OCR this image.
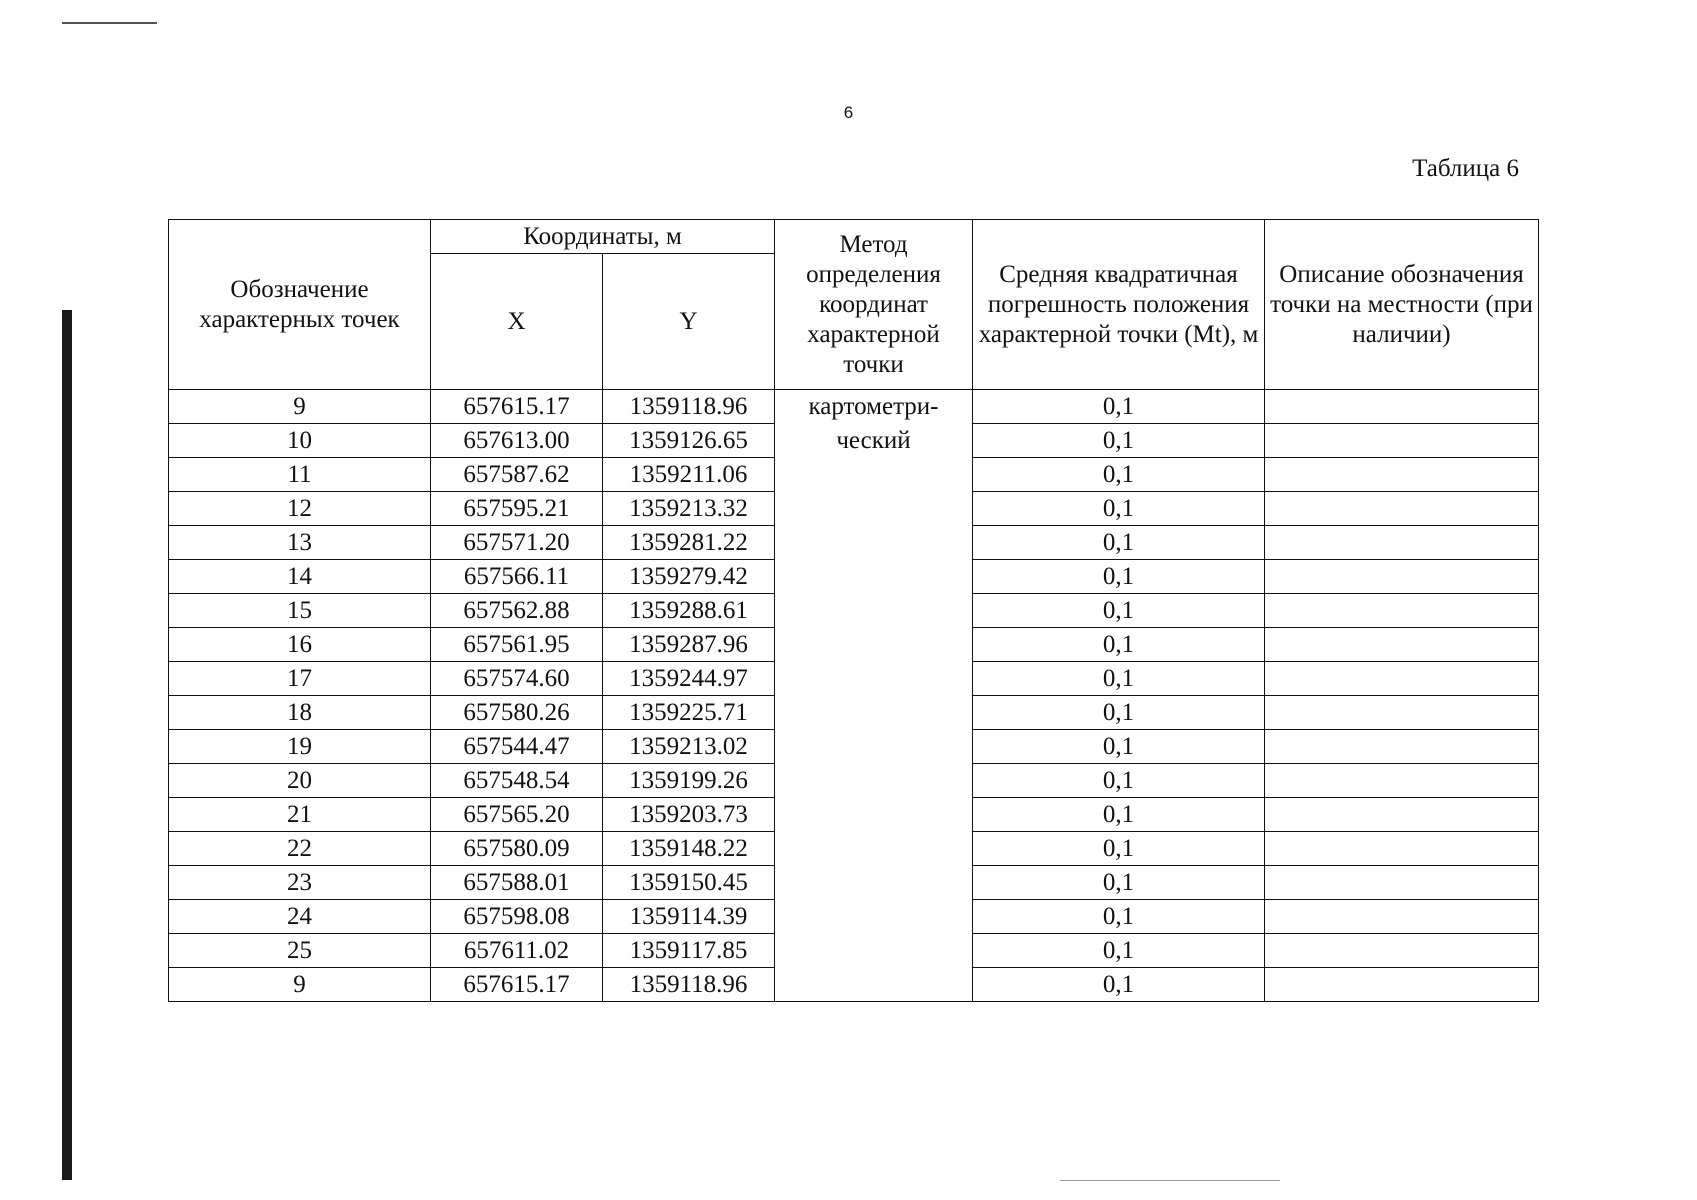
6
Таблица 6
Обозначение характерных точек	Координаты, м		Метод определения координат характерной точки	Средняя квадратичная погрешность положения характерной точки (Mt), м	Описание обозначения точки на местности (при наличии)
	X	Y			
9	657615.17	1359118.96	картометри-ческий	0,1	
10	657613.00	1359126.65		0,1	
11	657587.62	1359211.06		0,1	
12	657595.21	1359213.32		0,1	
13	657571.20	1359281.22		0,1	
14	657566.11	1359279.42		0,1	
15	657562.88	1359288.61		0,1	
16	657561.95	1359287.96		0,1	
17	657574.60	1359244.97		0,1	
18	657580.26	1359225.71		0,1	
19	657544.47	1359213.02		0,1	
20	657548.54	1359199.26		0,1	
21	657565.20	1359203.73		0,1	
22	657580.09	1359148.22		0,1	
23	657588.01	1359150.45		0,1	
24	657598.08	1359114.39		0,1	
25	657611.02	1359117.85		0,1	
9	657615.17	1359118.96		0,1	
